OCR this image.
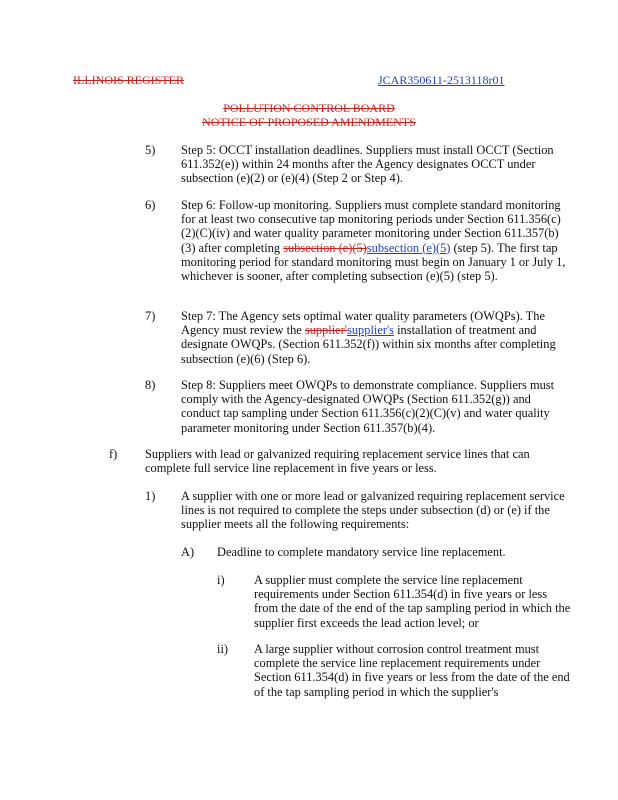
ILLINOIS REGISTER	JCAR350611-2513118r01
POLLUTION CONTROL BOARD
NOTICE OF PROPOSED AMENDMENTS
5) Step 5: OCCT installation deadlines. Suppliers must install OCCT (Section 611.352(e)) within 24 months after the Agency designates OCCT under subsection (e)(2) or (e)(4) (Step 2 or Step 4).
6) Step 6: Follow-up monitoring. Suppliers must complete standard monitoring for at least two consecutive tap monitoring periods under Section 611.356(c)(2)(C)(iv) and water quality parameter monitoring under Section 611.357(b)(3) after completing subsection (e)(5)subsection (e)(5) (step 5). The first tap monitoring period for standard monitoring must begin on January 1 or July 1, whichever is sooner, after completing subsection (e)(5) (step 5).
7) Step 7: The Agency sets optimal water quality parameters (OWQPs). The Agency must review the supplier'supplier's installation of treatment and designate OWQPs. (Section 611.352(f)) within six months after completing subsection (e)(6) (Step 6).
8) Step 8: Suppliers meet OWQPs to demonstrate compliance. Suppliers must comply with the Agency-designated OWQPs (Section 611.352(g)) and conduct tap sampling under Section 611.356(c)(2)(C)(v) and water quality parameter monitoring under Section 611.357(b)(4).
f) Suppliers with lead or galvanized requiring replacement service lines that can complete full service line replacement in five years or less.
1) A supplier with one or more lead or galvanized requiring replacement service lines is not required to complete the steps under subsection (d) or (e) if the supplier meets all the following requirements:
A) Deadline to complete mandatory service line replacement.
i) A supplier must complete the service line replacement requirements under Section 611.354(d) in five years or less from the date of the end of the tap sampling period in which the supplier first exceeds the lead action level; or
ii) A large supplier without corrosion control treatment must complete the service line replacement requirements under Section 611.354(d) in five years or less from the date of the end of the tap sampling period in which the supplier's
